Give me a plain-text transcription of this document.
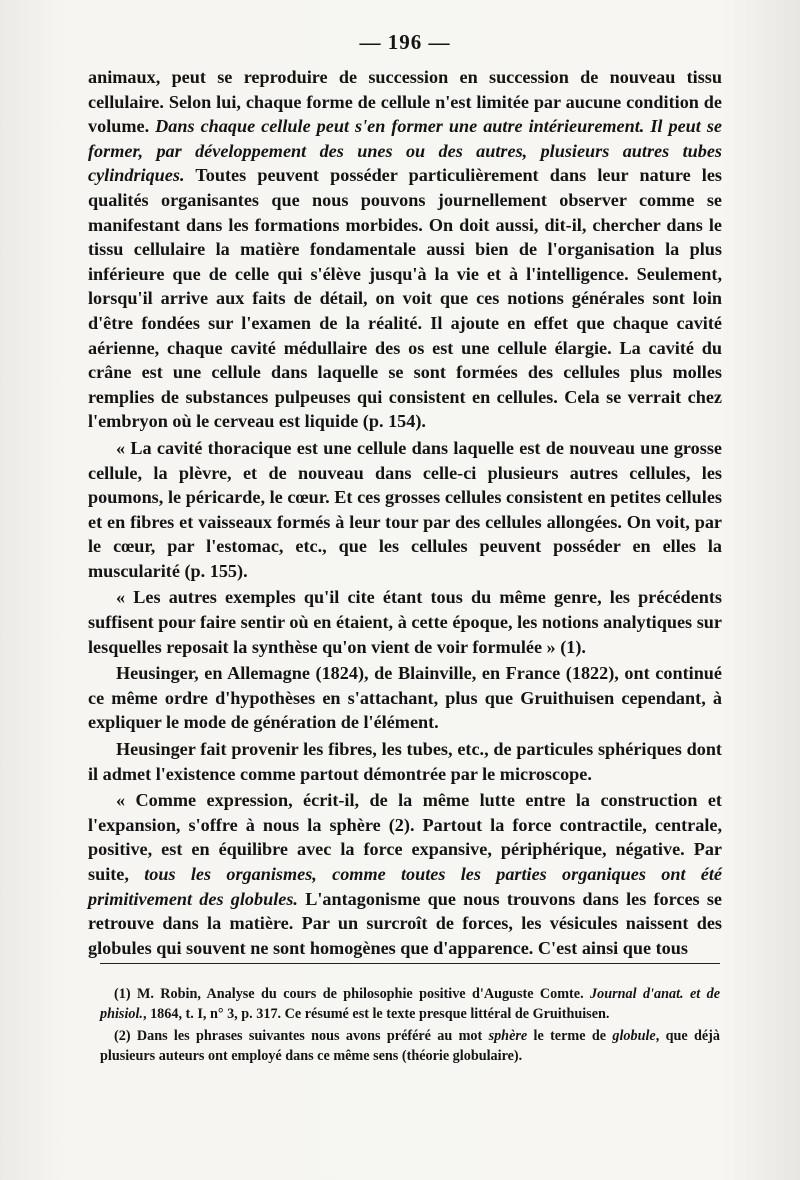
— 196 —

animaux, peut se reproduire de succession en succession de nouveau tissu cellulaire. Selon lui, chaque forme de cellule n'est limitée par aucune condition de volume. Dans chaque cellule peut s'en former une autre intérieurement. Il peut se former, par développement des unes ou des autres, plusieurs autres tubes cylindriques. Toutes peuvent posséder particulièrement dans leur nature les qualités organisantes que nous pouvons journellement observer comme se manifestant dans les formations morbides. On doit aussi, dit-il, chercher dans le tissu cellulaire la matière fondamentale aussi bien de l'organisation la plus inférieure que de celle qui s'élève jusqu'à la vie et à l'intelligence. Seulement, lorsqu'il arrive aux faits de détail, on voit que ces notions générales sont loin d'être fondées sur l'examen de la réalité. Il ajoute en effet que chaque cavité aérienne, chaque cavité médullaire des os est une cellule élargie. La cavité du crâne est une cellule dans laquelle se sont formées des cellules plus molles remplies de substances pulpeuses qui consistent en cellules. Cela se verrait chez l'embryon où le cerveau est liquide (p. 154).

« La cavité thoracique est une cellule dans laquelle est de nouveau une grosse cellule, la plèvre, et de nouveau dans celle-ci plusieurs autres cellules, les poumons, le péricarde, le cœur. Et ces grosses cellules consistent en petites cellules et en fibres et vaisseaux formés à leur tour par des cellules allongées. On voit, par le cœur, par l'estomac, etc., que les cellules peuvent posséder en elles la muscularité (p. 155).

« Les autres exemples qu'il cite étant tous du même genre, les précédents suffisent pour faire sentir où en étaient, à cette époque, les notions analytiques sur lesquelles reposait la synthèse qu'on vient de voir formulée » (1).

Heusinger, en Allemagne (1824), de Blainville, en France (1822), ont continué ce même ordre d'hypothèses en s'attachant, plus que Gruithuisen cependant, à expliquer le mode de génération de l'élément.

Heusinger fait provenir les fibres, les tubes, etc., de particules sphériques dont il admet l'existence comme partout démontrée par le microscope.

« Comme expression, écrit-il, de la même lutte entre la construction et l'expansion, s'offre à nous la sphère (2). Partout la force contractile, centrale, positive, est en équilibre avec la force expansive, périphérique, négative. Par suite, tous les organismes, comme toutes les parties organiques ont été primitivement des globules. L'antagonisme que nous trouvons dans les forces se retrouve dans la matière. Par un surcroît de forces, les vésicules naissent des globules qui souvent ne sont homogènes que d'apparence. C'est ainsi que tous

(1) M. Robin, Analyse du cours de philosophie positive d'Auguste Comte. Journal d'anat. et de phisiol., 1864, t. I, n° 3, p. 317. Ce résumé est le texte presque littéral de Gruithuisen.

(2) Dans les phrases suivantes nous avons préféré au mot sphère le terme de globule, que déjà plusieurs auteurs ont employé dans ce même sens (théorie globulaire).
